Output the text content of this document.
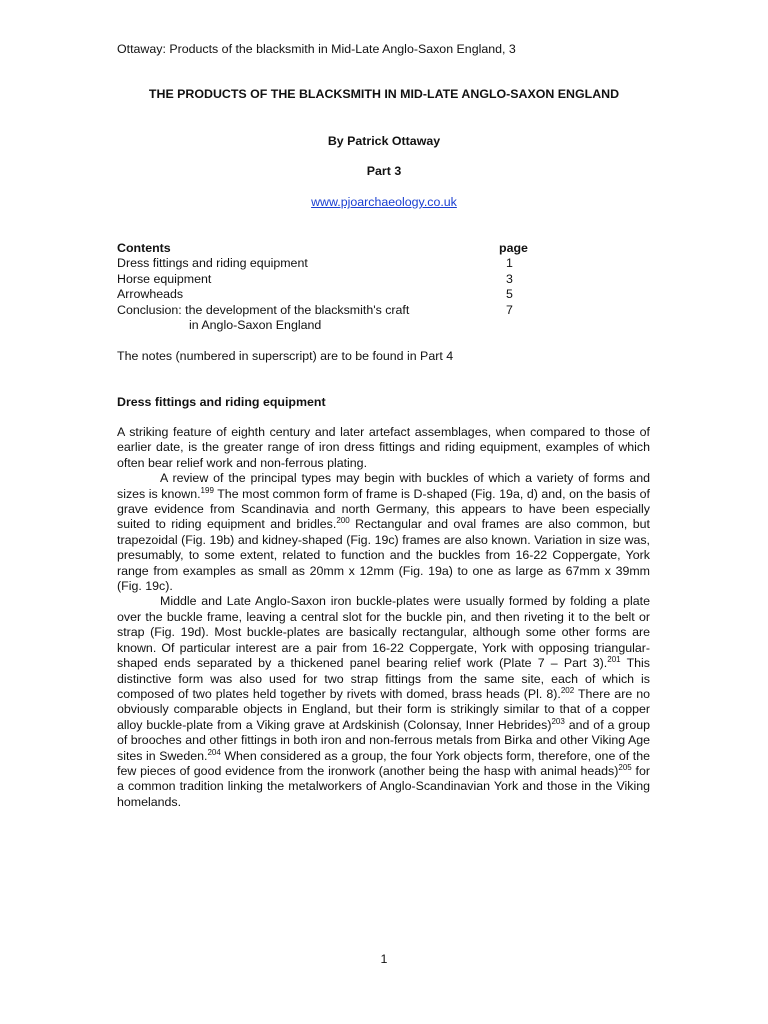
Ottaway: Products of the blacksmith in Mid-Late Anglo-Saxon England, 3
THE PRODUCTS OF THE BLACKSMITH IN MID-LATE ANGLO-SAXON ENGLAND
By Patrick Ottaway
Part 3
www.pjoarchaeology.co.uk
Contents	page
Dress fittings and riding equipment	1
Horse equipment	3
Arrowheads	5
Conclusion: the development of the blacksmith's craft	7
in Anglo-Saxon England
The notes (numbered in superscript) are to be found in Part 4
Dress fittings and riding equipment

A striking feature of eighth century and later artefact assemblages, when compared to those of earlier date, is the greater range of iron dress fittings and riding equipment, examples of which often bear relief work and non-ferrous plating.

A review of the principal types may begin with buckles of which a variety of forms and sizes is known.$^{199}$ The most common form of frame is D-shaped (Fig. 19a, d) and, on the basis of grave evidence from Scandinavia and north Germany, this appears to have been especially suited to riding equipment and bridles.$^{200}$ Rectangular and oval frames are also common, but trapezoidal (Fig. 19b) and kidney-shaped (Fig. 19c) frames are also known. Variation in size was, presumably, to some extent, related to function and the buckles from 16-22 Coppergate, York range from examples as small as 20mm x 12mm (Fig. 19a) to one as large as 67mm x 39mm (Fig. 19c).

Middle and Late Anglo-Saxon iron buckle-plates were usually formed by folding a plate over the buckle frame, leaving a central slot for the buckle pin, and then riveting it to the belt or strap (Fig. 19d). Most buckle-plates are basically rectangular, although some other forms are known. Of particular interest are a pair from 16-22 Coppergate, York with opposing triangular-shaped ends separated by a thickened panel bearing relief work (Plate 7 – Part 3).$^{201}$ This distinctive form was also used for two strap fittings from the same site, each of which is composed of two plates held together by rivets with domed, brass heads (Pl. 8).$^{202}$ There are no obviously comparable objects in England, but their form is strikingly similar to that of a copper alloy buckle-plate from a Viking grave at Ardskinish (Colonsay, Inner Hebrides)$^{203}$ and of a group of brooches and other fittings in both iron and non-ferrous metals from Birka and other Viking Age sites in Sweden.$^{204}$ When considered as a group, the four York objects form, therefore, one of the few pieces of good evidence from the ironwork (another being the hasp with animal heads)$^{205}$ for a common tradition linking the metalworkers of Anglo-Scandinavian York and those in the Viking homelands.

1
